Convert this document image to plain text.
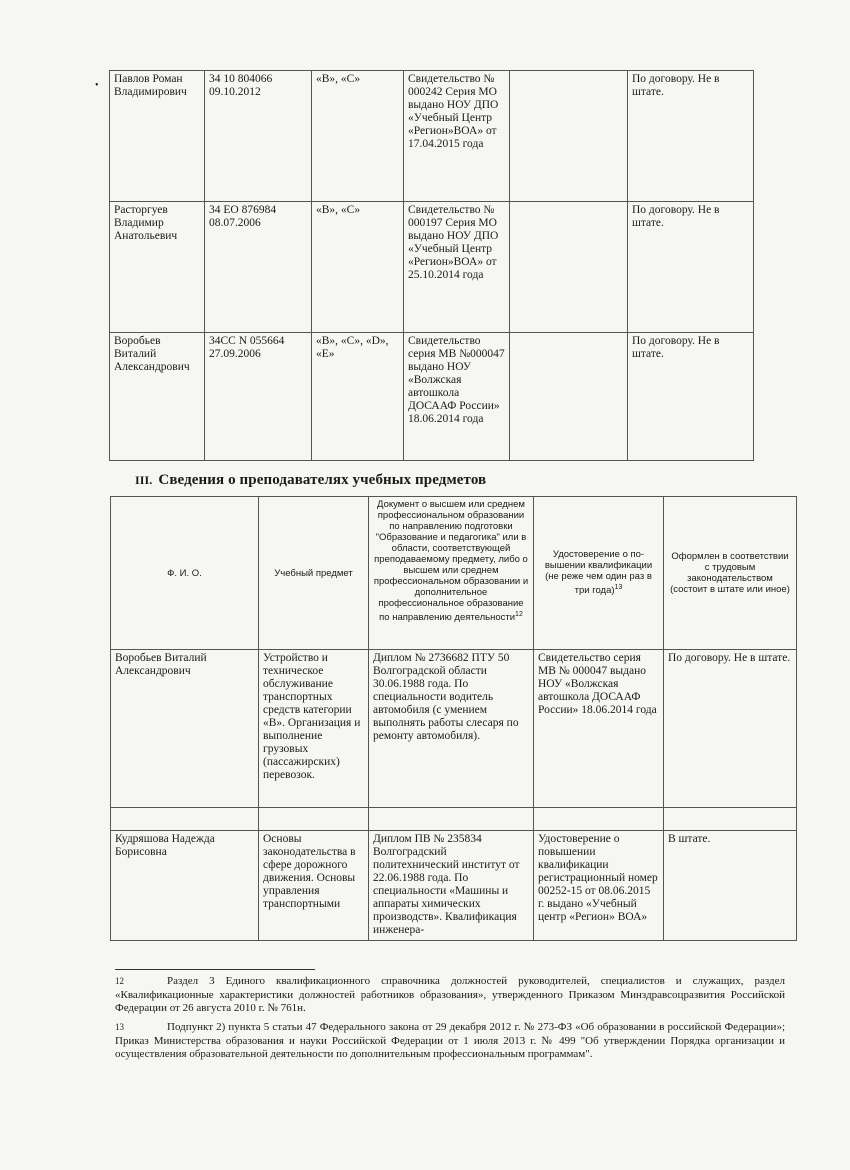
•
Павлов Роман Владимирович	34 10 804066 09.10.2012	«В», «С»	Свидетельство № 000242 Серия МО выдано НОУ ДПО «Учебный Центр «Регион»ВОА» от 17.04.2015 года		По договору. Не в штате.
Расторгуев Владимир Анатольевич	34 ЕО 876984 08.07.2006	«В», «С»	Свидетельство № 000197 Серия МО выдано НОУ ДПО «Учебный Центр «Регион»ВОА» от 25.10.2014 года		По договору. Не в штате.
Воробьев Виталий Александрович	34СС N 055664 27.09.2006	«В», «С», «D», «Е»	Свидетельство серия МВ №000047 выдано НОУ «Волжская автошкола ДОСААФ России» 18.06.2014 года		По договору. Не в штате.
III. Сведения о преподавателях учебных предметов
Ф. И. О.	Учебный предмет	Документ о высшем или среднем профессиональном образовании по направлению подготовки "Образование и педагогика" или в области, соответствующей преподаваемому предмету, либо о высшем или среднем профессиональном образовании и дополнительное профессиональное образование по направлению деятельности$^{12}$	Удостоверение о по-вышении квалификации (не реже чем один раз в три года)$^{13}$	Оформлен в соответствии с трудовым законодательством (состоит в штате или иное)
Воробьев Виталий Александрович	Устройство и техническое обслуживание транспортных средств категории «В». Организация и выполнение грузовых (пассажирских) перевозок.	Диплом № 2736682 ПТУ 50 Волгоградской области 30.06.1988 года. По специальности водитель автомобиля (с умением выполнять работы слесаря по ремонту автомобиля).	Свидетельство серия МВ № 000047 выдано НОУ «Волжская автошкола ДОСААФ России» 18.06.2014 года	По договору. Не в штате.

Кудряшова Надежда Борисовна	Основы законодательства в сфере дорожного движения. Основы управления транспортными	Диплом ПВ № 235834 Волгоградский политехнический институт от 22.06.1988 года. По специальности «Машины и аппараты химических производств». Квалификация инженера-	Удостоверение о повышении квалификации регистрационный номер 00252-15 от 08.06.2015 г. выдано «Учебный центр «Регион» ВОА»	В штате.
12	Раздел 3 Единого квалификационного справочника должностей руководителей, специалистов и служащих, раздел «Квалификационные характеристики должностей работников образования», утвержденного Приказом Минздравсоцразвития Российской Федерации от 26 августа 2010 г. № 761н.
13	Подпункт 2) пункта 5 статьи 47 Федерального закона от 29 декабря 2012 г. № 273-ФЗ «Об образовании в российской Федерации»; Приказ Министерства образования и науки Российской Федерации от 1 июля 2013 г. № 499 "Об утверждении Порядка организации и осуществления образовательной деятельности по дополнительным профессиональным программам".
